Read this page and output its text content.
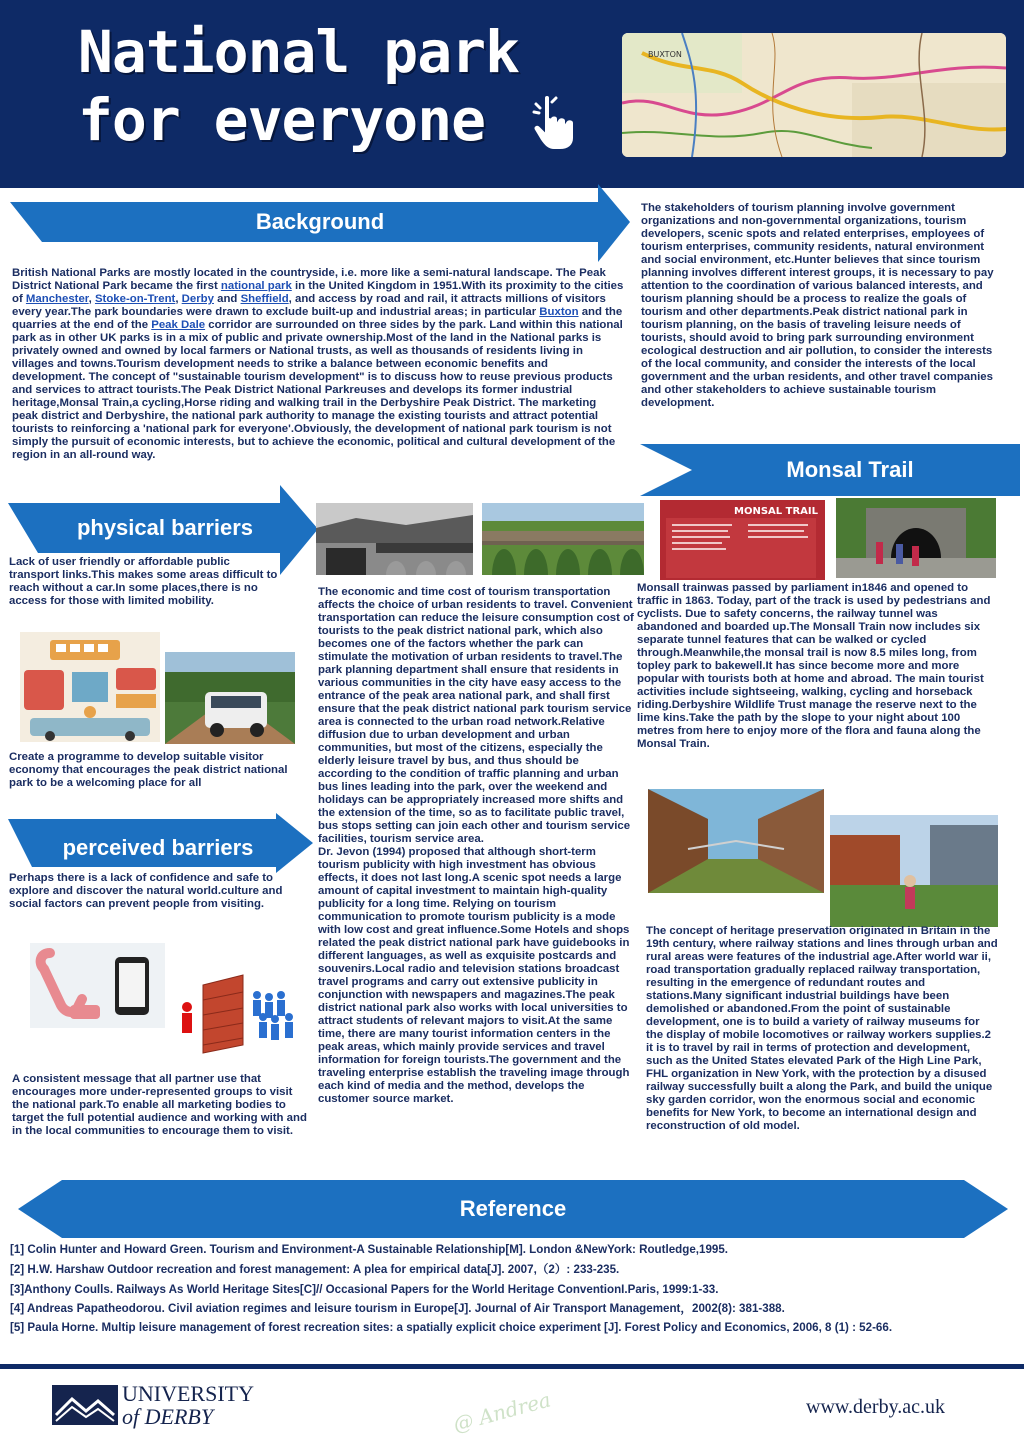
National park
for everyone
BUXTON
Background
British National Parks are mostly located in the countryside, i.e. more like a semi-natural landscape. The Peak District National Park became the first national park in the United Kingdom in 1951.With its proximity to the cities of Manchester, Stoke-on-Trent, Derby and Sheffield, and access by road and rail, it attracts millions of visitors every year.The park boundaries were drawn to exclude built-up and industrial areas; in particular Buxton and the quarries at the end of the Peak Dale corridor are surrounded on three sides by the park. Land within this national park as in other UK parks is in a mix of public and private ownership.Most of the land in the National parks is privately owned and owned by local farmers or National trusts, as well as thousands of residents living in villages and towns.Tourism development needs to strike a balance between economic benefits and development. The concept of "sustainable tourism development" is to discuss how to reuse previous products and services to attract tourists.The Peak District National Parkreuses and develops its former industrial heritage,Monsal Train,a cycling,Horse riding and walking trail in the Derbyshire Peak District. The marketing peak district and Derbyshire, the national park authority to manage the existing tourists and attract potential tourists to reinforcing a 'national park for everyone'.Obviously, the development of national park tourism is not simply the pursuit of economic interests, but to achieve the economic, political and cultural development of the region in an all-round way.
The stakeholders of tourism planning involve government organizations and non-governmental organizations, tourism developers, scenic spots and related enterprises, employees of tourism enterprises, community residents, natural environment and social environment, etc.Hunter believes that since tourism planning involves different interest groups, it is necessary to pay attention to the coordination of various balanced interests, and tourism planning should be a process to realize the goals of tourism and other departments.Peak district national park in tourism planning, on the basis of traveling leisure needs of tourists, should avoid to bring park surrounding environment ecological destruction and air pollution, to consider the interests of the local community, and consider the interests of the local government and the urban residents, and other travel companies and other stakeholders to achieve sustainable tourism development.
Monsal Trail
physical barriers
Lack of user friendly or affordable public transport links.This makes some areas difficult to reach without a car.In some places,there is no access for those with limited mobility.
Create a programme to develop suitable visitor economy that encourages the peak district national park to be a welcoming place for all
perceived barriers
Perhaps there is a lack of confidence and safe to explore and discover the natural world.culture and social factors can prevent people from visiting.
A consistent message that all partner use that encourages more under-represented groups to visit the national park.To enable all marketing bodies to target the full potential audience and working with and in the local communities to encourage them to visit.
MONSAL TRAIL
The economic and time cost of tourism transportation affects the choice of urban residents to travel. Convenient transportation can reduce the leisure consumption cost of tourists to the peak district national park, which also becomes one of the factors whether the park can stimulate the motivation of urban residents to travel.The park planning department shall ensure that residents in various communities in the city have easy access to the entrance of the peak area national park, and shall first ensure that the peak district national park tourism service area is connected to the urban road network.Relative diffusion due to urban development and urban communities, but most of the citizens, especially the elderly leisure travel by bus, and thus should be according to the condition of traffic planning and urban bus lines leading into the park, over the weekend and holidays can be appropriately increased more shifts and the extension of the time, so as to facilitate public travel, bus stops setting can join each other and tourism service facilities, tourism service area.
Dr. Jevon (1994) proposed that although short-term tourism publicity with high investment has obvious effects, it does not last long.A scenic spot needs a large amount of capital investment to maintain high-quality publicity for a long time. Relying on tourism communication to promote tourism publicity is a mode with low cost and great influence.Some Hotels and shops related the peak district national park have guidebooks in different languages, as well as exquisite postcards and souvenirs.Local radio and television stations broadcast travel programs and carry out extensive publicity in conjunction with newspapers and magazines.The peak district national park also works with local universities to attract students of relevant majors to visit.At the same time, there are many tourist information centers in the peak areas, which mainly provide services and travel information for foreign tourists.The government and the traveling enterprise establish the traveling image through each kind of media and the method, develops the customer source market.
Monsall trainwas passed by parliament in1846 and opened to traffic in 1863. Today, part of the track is used by pedestrians and cyclists. Due to safety concerns, the railway tunnel was abandoned and boarded up.The Monsall Train now includes six separate tunnel features that can be walked or cycled through.Meanwhile,the monsal trail is now 8.5 miles long, from topley park to bakewell.It has since become more and more popular with tourists both at home and abroad. The main tourist activities include sightseeing, walking, cycling and horseback riding.Derbyshire Wildlife Trust manage the reserve next to the lime kins.Take the path by the slope to your night about 100 metres from here to enjoy more of the flora and fauna along the Monsal Train.
The concept of heritage preservation originated in Britain in the 19th century, where railway stations and lines through urban and rural areas were features of the industrial age.After world war ii, road transportation gradually replaced railway transportation, resulting in the emergence of redundant routes and stations.Many significant industrial buildings have been demolished or abandoned.From the point of sustainable development, one is to build a variety of railway museums for the display of mobile locomotives or railway workers supplies.2 it is to travel by rail in terms of protection and development, such as the United States elevated Park of the High Line Park, FHL organization in New York, with the protection by a disused railway successfully built a along the Park, and build the unique sky garden corridor, won the enormous social and economic benefits for New York, to become an international design and reconstruction of old model.
Reference
[1] Colin Hunter and Howard Green. Tourism and Environment-A Sustainable Relationship[M]. London &NewYork: Routledge,1995.
[2] H.W. Harshaw Outdoor recreation and forest management: A plea for empirical data[J]. 2007,（2）: 233-235.
[3]Anthony Coulls. Railways As World Heritage Sites[C]// Occasional Papers for the World Heritage ConventionI.Paris, 1999:1-33.
[4] Andreas Papatheodorou. Civil aviation regimes and leisure tourism in Europe[J]. Journal of Air Transport Management，2002(8): 381-388.
[5] Paula Horne. Multip leisure management of forest recreation sites: a spatially explicit choice experiment [J]. Forest Policy and Economics, 2006, 8 (1) : 52-66.
UNIVERSITY
of DERBY	@ Andrea	www.derby.ac.uk
